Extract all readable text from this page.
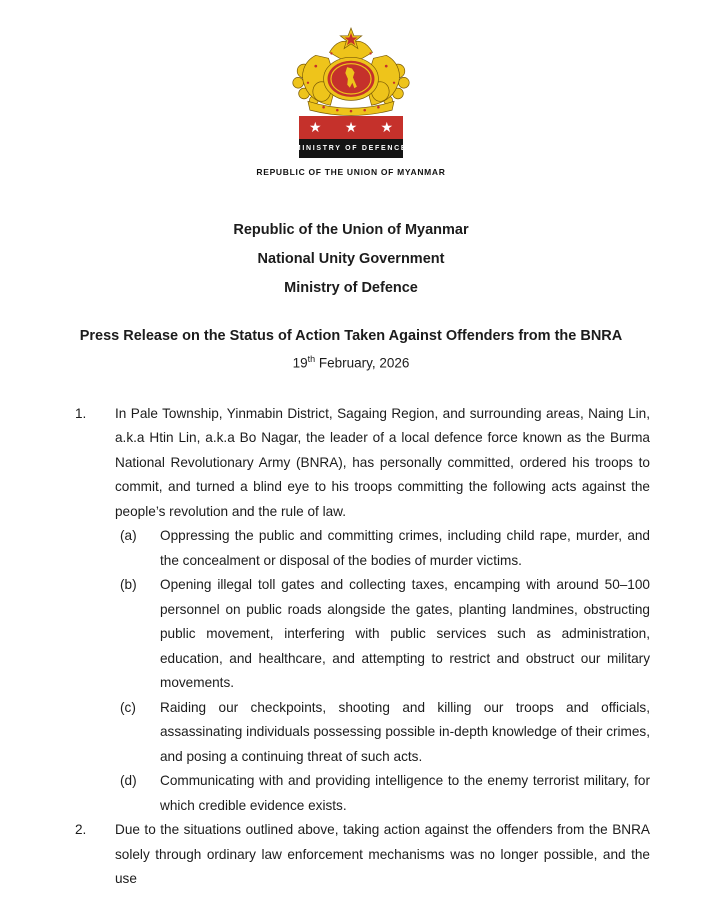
★ ★ ★
MINISTRY OF DEFENCE
REPUBLIC OF THE UNION OF MYANMAR
Republic of the Union of Myanmar
National Unity Government
Ministry of Defence
Press Release on the Status of Action Taken Against Offenders from the BNRA
19th February, 2026
1.	In Pale Township, Yinmabin District, Sagaing Region, and surrounding areas, Naing Lin, a.k.a Htin Lin, a.k.a Bo Nagar, the leader of a local defence force known as the Burma National Revolutionary Army (BNRA), has personally committed, ordered his troops to commit, and turned a blind eye to his troops committing the following acts against the people’s revolution and the rule of law.
(a)	Oppressing the public and committing crimes, including child rape, murder, and the concealment or disposal of the bodies of murder victims.
(b)	Opening illegal toll gates and collecting taxes, encamping with around 50–100 personnel on public roads alongside the gates, planting landmines, obstructing public movement, interfering with public services such as administration, education, and healthcare, and attempting to restrict and obstruct our military movements.
(c)	Raiding our checkpoints, shooting and killing our troops and officials, assassinating individuals possessing possible in-depth knowledge of their crimes, and posing a continuing threat of such acts.
(d)	Communicating with and providing intelligence to the enemy terrorist military, for which credible evidence exists.
2.	Due to the situations outlined above, taking action against the offenders from the BNRA solely through ordinary law enforcement mechanisms was no longer possible, and the use
